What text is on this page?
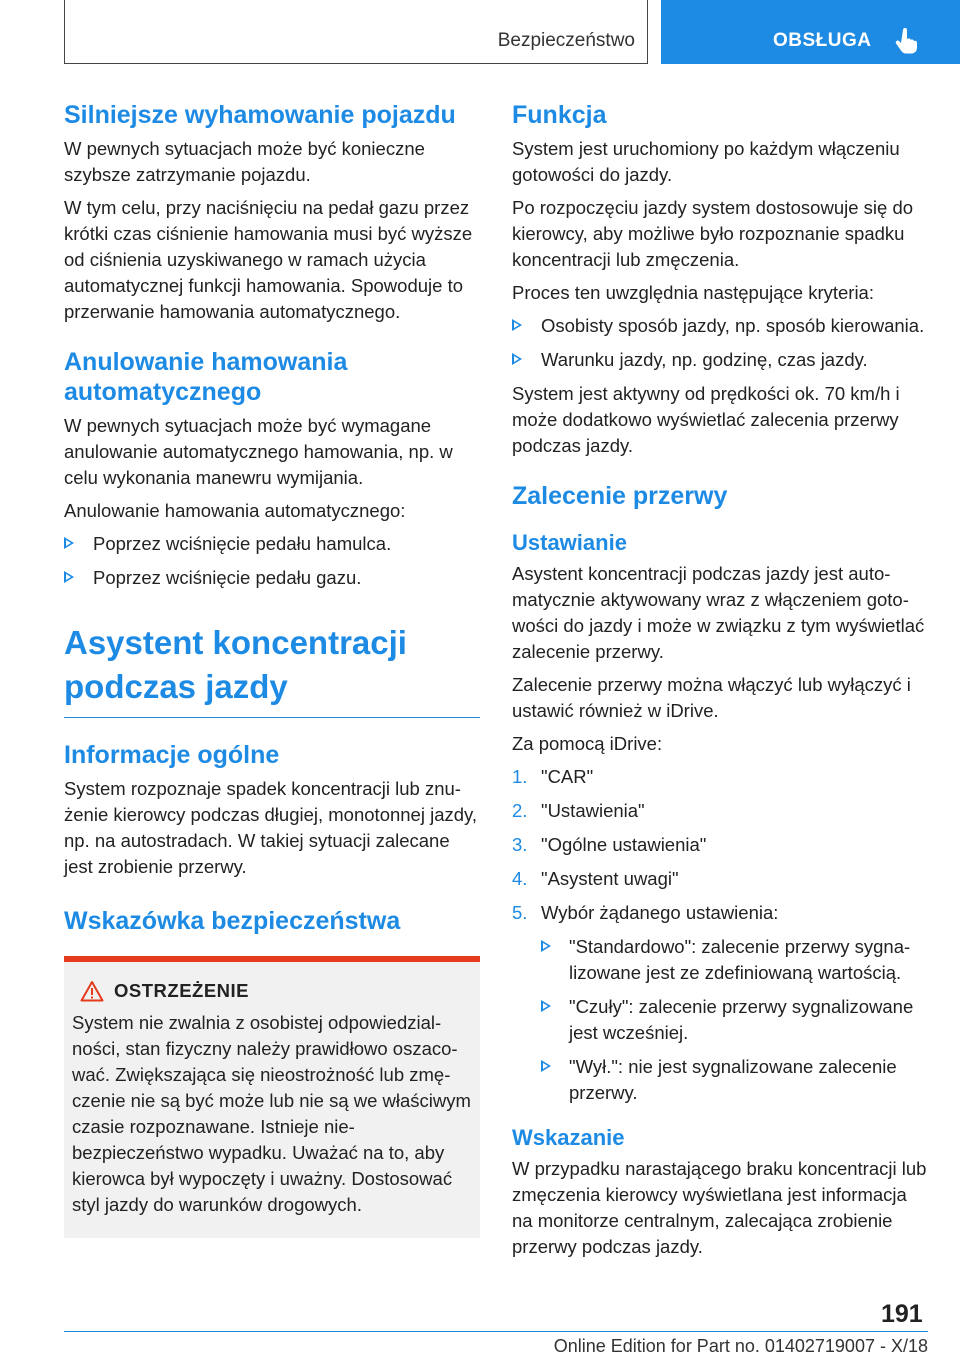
Bezpieczeństwo	OBSŁUGA
Silniejsze wyhamowanie pojazdu

W pewnych sytuacjach może być konieczne szybsze zatrzymanie pojazdu.

W tym celu, przy naciśnięciu na pedał gazu przez krótki czas ciśnienie hamowania musi być wyższe od ciśnienia uzyskiwanego w ramach użycia automatycznej funkcji hamowania. Spowoduje to przerwanie hamowania automatycznego.

Anulowanie hamowania automatycznego

W pewnych sytuacjach może być wymagane anulowanie automatycznego hamowania, np. w celu wykonania manewru wymijania.

Anulowanie hamowania automatycznego:

Poprzez wciśnięcie pedału hamulca.
Poprzez wciśnięcie pedału gazu.
Asystent koncentracji podczas jazdy
Informacje ogólne

System rozpoznaje spadek koncentracji lub znużenie kierowcy podczas długiej, monotonnej jazdy, np. na autostradach. W takiej sytuacji zalecane jest zrobienie przerwy.

Wskazówka bezpieczeństwa
OSTRZEŻENIE

System nie zwalnia z osobistej odpowiedzialności, stan fizyczny należy prawidłowo oszacować. Zwiększająca się nieostrożność lub zmęczenie nie są być może lub nie są we właściwym czasie rozpoznawane. Istnieje niebezpieczeństwo wypadku. Uważać na to, aby kierowca był wypoczęty i uważny. Dostosować styl jazdy do warunków drogowych.

Funkcja

System jest uruchomiony po każdym włączeniu gotowości do jazdy.

Po rozpoczęciu jazdy system dostosowuje się do kierowcy, aby możliwe było rozpoznanie spadku koncentracji lub zmęczenia.

Proces ten uwzględnia następujące kryteria:

Osobisty sposób jazdy, np. sposób kierowania.
Warunku jazdy, np. godzinę, czas jazdy.

System jest aktywny od prędkości ok. 70 km/h i może dodatkowo wyświetlać zalecenia przerwy podczas jazdy.

Zalecenie przerwy
Ustawianie

Asystent koncentracji podczas jazdy jest automatycznie aktywowany wraz z włączeniem gotowości do jazdy i może w związku z tym wyświetlać zalecenie przerwy.

Zalecenie przerwy można włączyć lub wyłączyć i ustawić również w iDrive.

Za pomocą iDrive:

1. "CAR"
2. "Ustawienia"
3. "Ogólne ustawienia"
4. "Asystent uwagi"
5. Wybór żądanego ustawienia:
"Standardowo": zalecenie przerwy sygnalizowane jest ze zdefiniowaną wartością.
"Czuły": zalecenie przerwy sygnalizowane jest wcześniej.
"Wył.": nie jest sygnalizowane zalecenie przerwy.
Wskazanie

W przypadku narastającego braku koncentracji lub zmęczenia kierowcy wyświetlana jest informacja na monitorze centralnym, zalecająca zrobienie przerwy podczas jazdy.

191
Online Edition for Part no. 01402719007 - X/18
